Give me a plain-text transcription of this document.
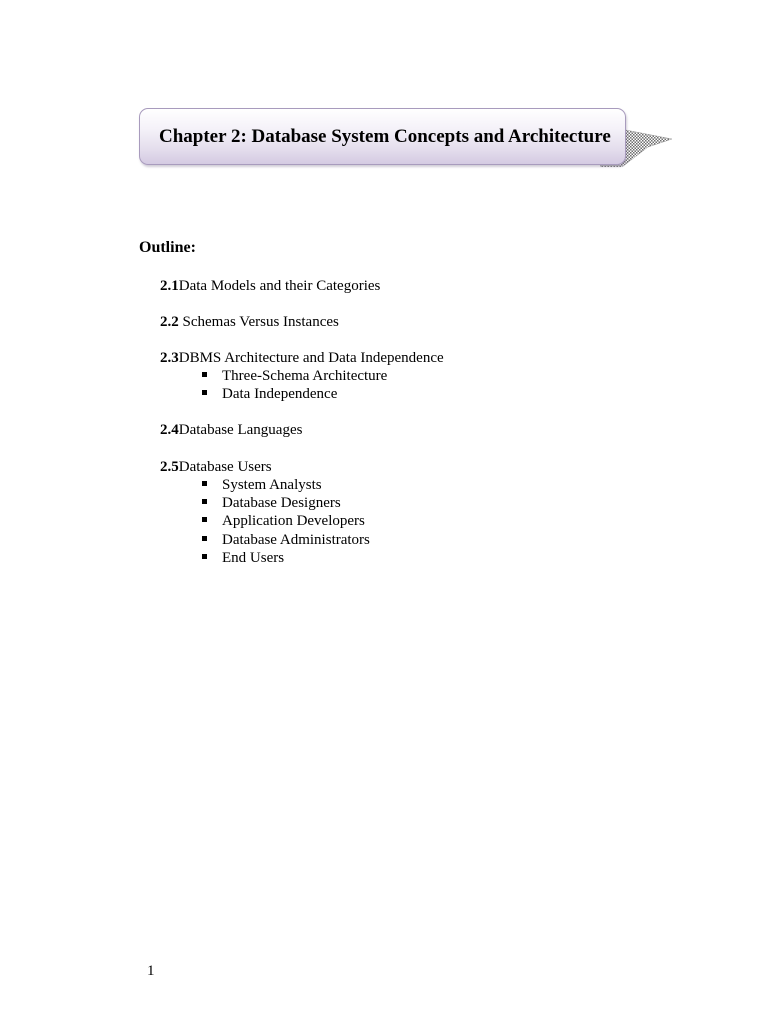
Chapter 2: Database System Concepts and Architecture
Outline:
2.1Data Models and their Categories
2.2 Schemas Versus Instances
2.3DBMS Architecture and Data Independence
Three-Schema Architecture
Data Independence
2.4Database Languages
2.5Database Users
System Analysts
Database Designers
Application Developers
Database Administrators
End Users
1
